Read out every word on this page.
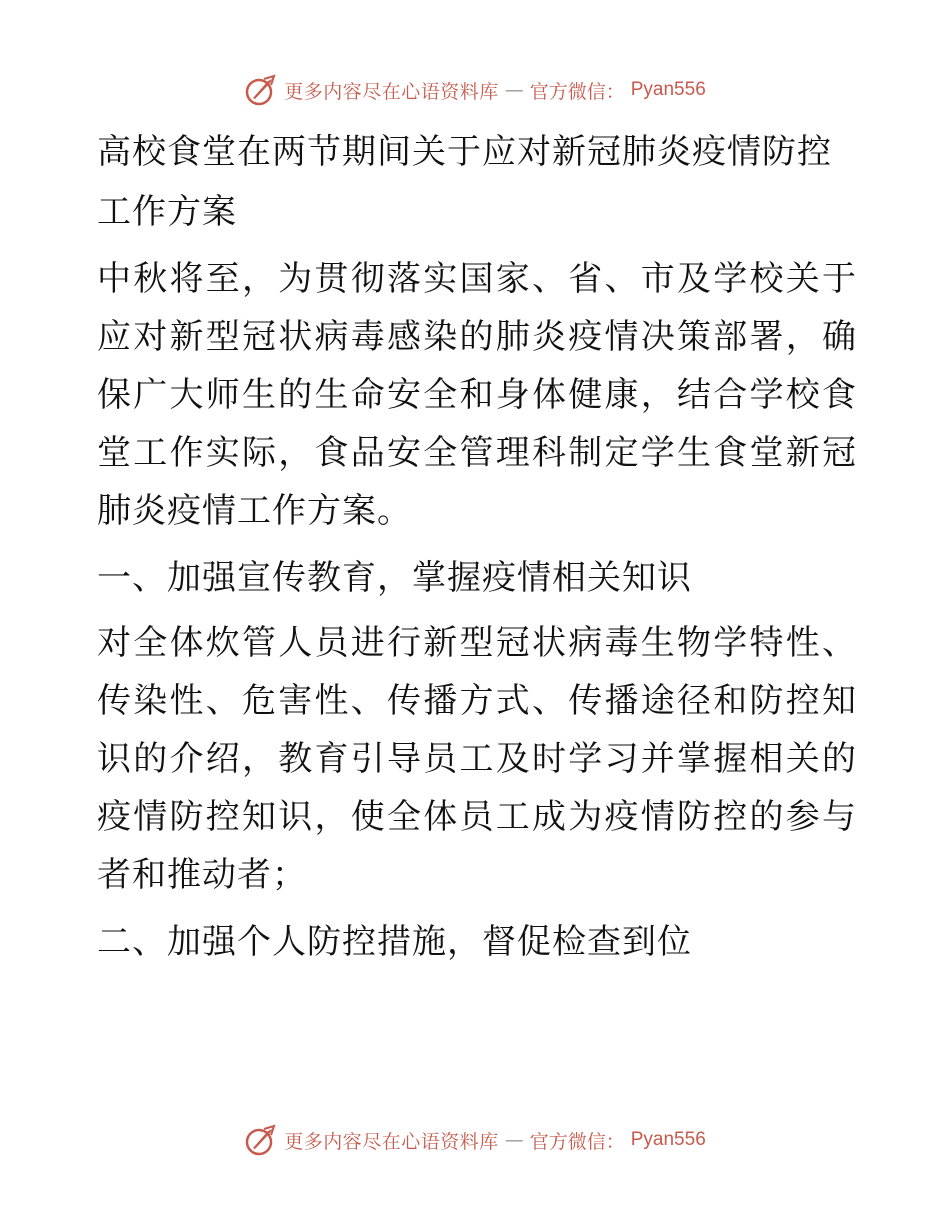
更多内容尽在心语资料库 — 官方微信： Pyan556
高校食堂在两节期间关于应对新冠肺炎疫情防控工作方案

中秋将至，为贯彻落实国家、省、市及学校关于应对新型冠状病毒感染的肺炎疫情决策部署，确保广大师生的生命安全和身体健康，结合学校食堂工作实际，食品安全管理科制定学生食堂新冠肺炎疫情工作方案。

一、加强宣传教育，掌握疫情相关知识

对全体炊管人员进行新型冠状病毒生物学特性、传染性、危害性、传播方式、传播途径和防控知识的介绍，教育引导员工及时学习并掌握相关的疫情防控知识，使全体员工成为疫情防控的参与者和推动者；

二、加强个人防控措施，督促检查到位
更多内容尽在心语资料库 — 官方微信： Pyan556
